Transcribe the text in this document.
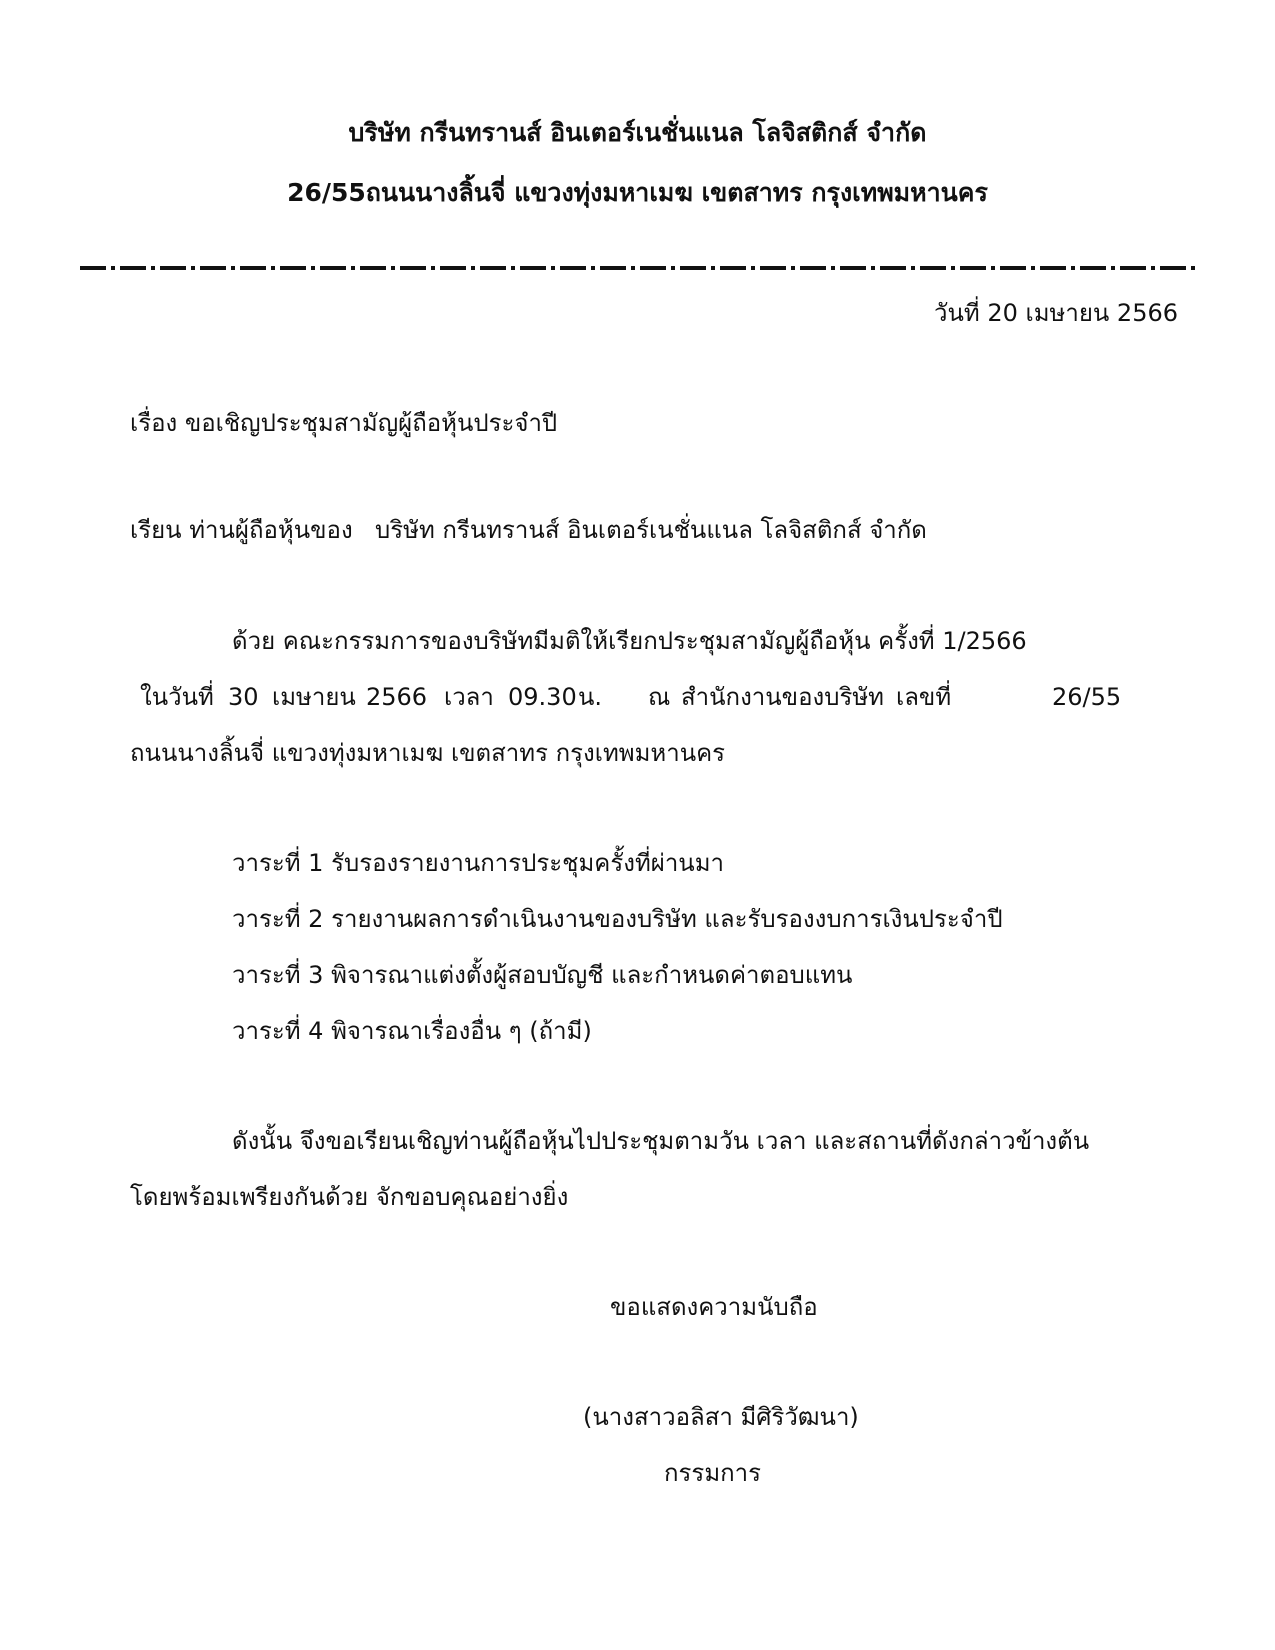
บริษัท กรีนทรานส์ อินเตอร์เนชั่นแนล โลจิสติกส์ จำกัด
26/55ถนนนางลิ้นจี่ แขวงทุ่งมหาเมฆ เขตสาทร กรุงเทพมหานคร
วันที่ 20 เมษายน 2566
เรื่อง ขอเชิญประชุมสามัญผู้ถือหุ้นประจำปี
เรียน ท่านผู้ถือหุ้นของ บริษัท กรีนทรานส์ อินเตอร์เนชั่นแนล โลจิสติกส์ จำกัด
ด้วย คณะกรรมการของบริษัทมีมติให้เรียกประชุมสามัญผู้ถือหุ้น ครั้งที่ 1/2566
ในวันที่ 30 เมษายน 2566 เวลา 09.30 น. ณ สำนักงานของบริษัท เลขที่	26/55
ถนนนางลิ้นจี่ แขวงทุ่งมหาเมฆ เขตสาทร กรุงเทพมหานคร
วาระที่ 1 รับรองรายงานการประชุมครั้งที่ผ่านมา
วาระที่ 2 รายงานผลการดำเนินงานของบริษัท และรับรองงบการเงินประจำปี
วาระที่ 3 พิจารณาแต่งตั้งผู้สอบบัญชี และกำหนดค่าตอบแทน
วาระที่ 4 พิจารณาเรื่องอื่น ๆ (ถ้ามี)
ดังนั้น จึงขอเรียนเชิญท่านผู้ถือหุ้นไปประชุมตามวัน เวลา และสถานที่ดังกล่าวข้างต้น
โดยพร้อมเพรียงกันด้วย จักขอบคุณอย่างยิ่ง
ขอแสดงความนับถือ
(นางสาวอลิสา มีศิริวัฒนา)
กรรมการ
